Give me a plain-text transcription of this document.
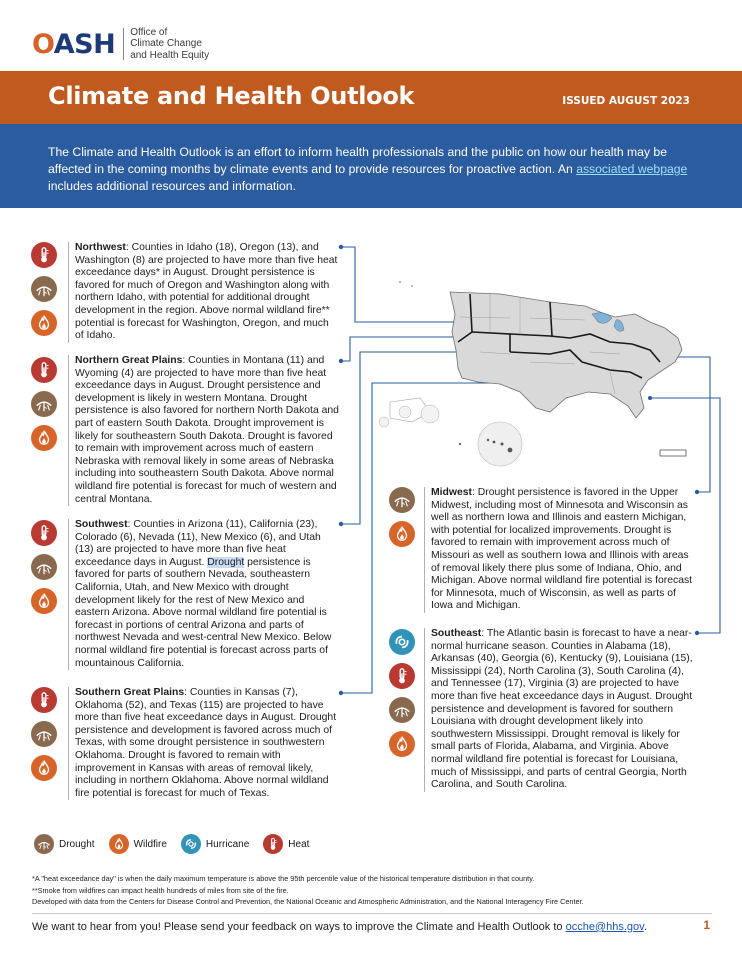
OASH Office of
Climate Change
and Health Equity
Climate and Health Outlook	ISSUED AUGUST 2023
The Climate and Health Outlook is an effort to inform health professionals and the public on how our health may be affected in the coming months by climate events and to provide resources for proactive action. An associated webpage includes additional resources and information.
Northwest: Counties in Idaho (18), Oregon (13), and Washington (8) are projected to have more than five heat exceedance days* in August. Drought persistence is favored for much of Oregon and Washington along with northern Idaho, with potential for additional drought development in the region. Above normal wildland fire** potential is forecast for Washington, Oregon, and much of Idaho.
Northern Great Plains: Counties in Montana (11) and Wyoming (4) are projected to have more than five heat exceedance days in August. Drought persistence and development is likely in western Montana. Drought persistence is also favored for northern North Dakota and part of eastern South Dakota. Drought improvement is likely for southeastern South Dakota. Drought is favored to remain with improvement across much of eastern Nebraska with removal likely in some areas of Nebraska including into southeastern South Dakota. Above normal wildland fire potential is forecast for much of western and central Montana.
Southwest: Counties in Arizona (11), California (23), Colorado (6), Nevada (11), New Mexico (6), and Utah (13) are projected to have more than five heat exceedance days in August. Drought persistence is favored for parts of southern Nevada, southeastern California, Utah, and New Mexico with drought development likely for the rest of New Mexico and eastern Arizona. Above normal wildland fire potential is forecast in portions of central Arizona and parts of northwest Nevada and west-central New Mexico. Below normal wildland fire potential is forecast across parts of mountainous California.
Southern Great Plains: Counties in Kansas (7), Oklahoma (52), and Texas (115) are projected to have more than five heat exceedance days in August. Drought persistence and development is favored across much of Texas, with some drought persistence in southwestern Oklahoma. Drought is favored to remain with improvement in Kansas with areas of removal likely, including in northern Oklahoma. Above normal wildland fire potential is forecast for much of Texas.
Midwest: Drought persistence is favored in the Upper Midwest, including most of Minnesota and Wisconsin as well as northern Iowa and Illinois and eastern Michigan, with potential for localized improvements. Drought is favored to remain with improvement across much of Missouri as well as southern Iowa and Illinois with areas of removal likely there plus some of Indiana, Ohio, and Michigan. Above normal wildland fire potential is forecast for Minnesota, much of Wisconsin, as well as parts of Iowa and Michigan.
Southeast: The Atlantic basin is forecast to have a near-normal hurricane season. Counties in Alabama (18), Arkansas (40), Georgia (6), Kentucky (9), Louisiana (15), Mississippi (24), North Carolina (3), South Carolina (4), and Tennessee (17), Virginia (3) are projected to have more than five heat exceedance days in August. Drought persistence and development is favored for southern Louisiana with drought development likely into southwestern Mississippi. Drought removal is likely for small parts of Florida, Alabama, and Virginia. Above normal wildland fire potential is forecast for Louisiana, much of Mississippi, and parts of central Georgia, North Carolina, and South Carolina.
Drought	Wildfire	Hurricane	Heat
*A "heat exceedance day" is when the daily maximum temperature is above the 95th percentile value of the historical temperature distribution in that county.
**Smoke from wildfires can impact health hundreds of miles from site of the fire.
Developed with data from the Centers for Disease Control and Prevention, the National Oceanic and Atmospheric Administration, and the National Interagency Fire Center.
We want to hear from you! Please send your feedback on ways to improve the Climate and Health Outlook to ocche@hhs.gov.	1
